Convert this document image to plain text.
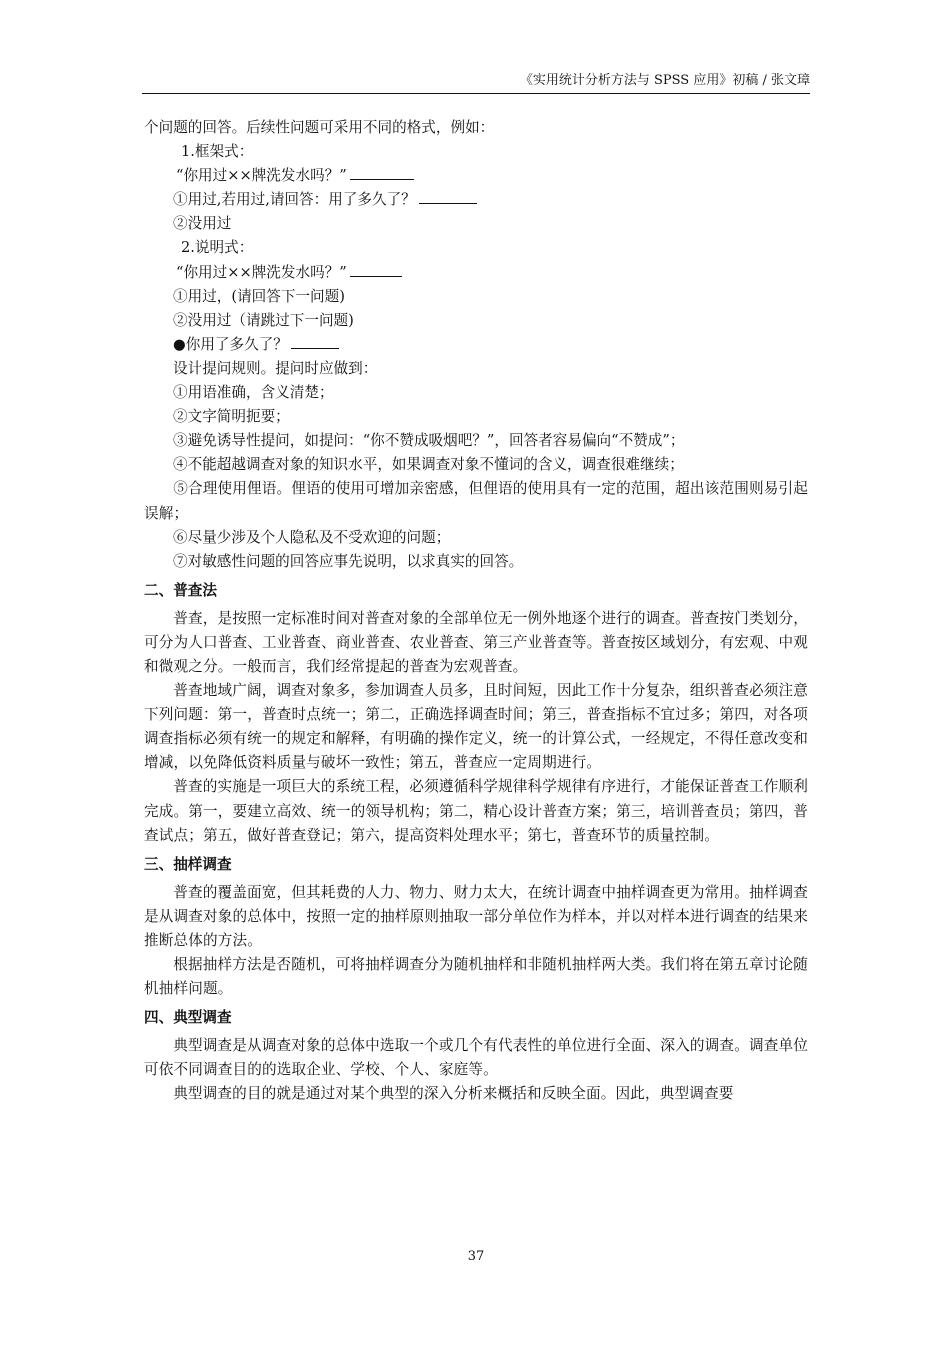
《实用统计分析方法与 SPSS 应用》初稿 / 张文璋
个问题的回答。后续性问题可采用不同的格式，例如：
1.框架式：
“你用过××牌洗发水吗？”
①用过,若用过,请回答：用了多久了？
②没用过
2.说明式：
“你用过××牌洗发水吗？”
①用过，(请回答下一问题)
②没用过（请跳过下一问题)
●你用了多久了？
设计提问规则。提问时应做到：
①用语准确，含义清楚；
②文字简明扼要；
③避免诱导性提问，如提问：“你不赞成吸烟吧？”，回答者容易偏向“不赞成”；
④不能超越调查对象的知识水平，如果调查对象不懂词的含义，调查很难继续；
⑤合理使用俚语。俚语的使用可增加亲密感，但俚语的使用具有一定的范围，超出该范围则易引起误解；
⑥尽量少涉及个人隐私及不受欢迎的问题；
⑦对敏感性问题的回答应事先说明，以求真实的回答。
二、普查法
普查，是按照一定标准时间对普查对象的全部单位无一例外地逐个进行的调查。普查按门类划分，可分为人口普查、工业普查、商业普查、农业普查、第三产业普查等。普查按区域划分，有宏观、中观和微观之分。一般而言，我们经常提起的普查为宏观普查。
普查地域广阔，调查对象多，参加调查人员多，且时间短，因此工作十分复杂，组织普查必须注意下列问题：第一，普查时点统一；第二，正确选择调查时间；第三，普查指标不宜过多；第四，对各项调查指标必须有统一的规定和解释，有明确的操作定义，统一的计算公式，一经规定，不得任意改变和增减，以免降低资料质量与破坏一致性；第五，普查应一定周期进行。
普查的实施是一项巨大的系统工程，必须遵循科学规律科学规律有序进行，才能保证普查工作顺利完成。第一，要建立高效、统一的领导机构；第二，精心设计普查方案；第三，培训普查员；第四，普查试点；第五，做好普查登记；第六，提高资料处理水平；第七，普查环节的质量控制。
三、抽样调查
普查的覆盖面宽，但其耗费的人力、物力、财力太大，在统计调查中抽样调查更为常用。抽样调查是从调查对象的总体中，按照一定的抽样原则抽取一部分单位作为样本，并以对样本进行调查的结果来推断总体的方法。
根据抽样方法是否随机，可将抽样调查分为随机抽样和非随机抽样两大类。我们将在第五章讨论随机抽样问题。
四、典型调查
典型调查是从调查对象的总体中选取一个或几个有代表性的单位进行全面、深入的调查。调查单位可依不同调查目的的选取企业、学校、个人、家庭等。
典型调查的目的就是通过对某个典型的深入分析来概括和反映全面。因此，典型调查要
37
